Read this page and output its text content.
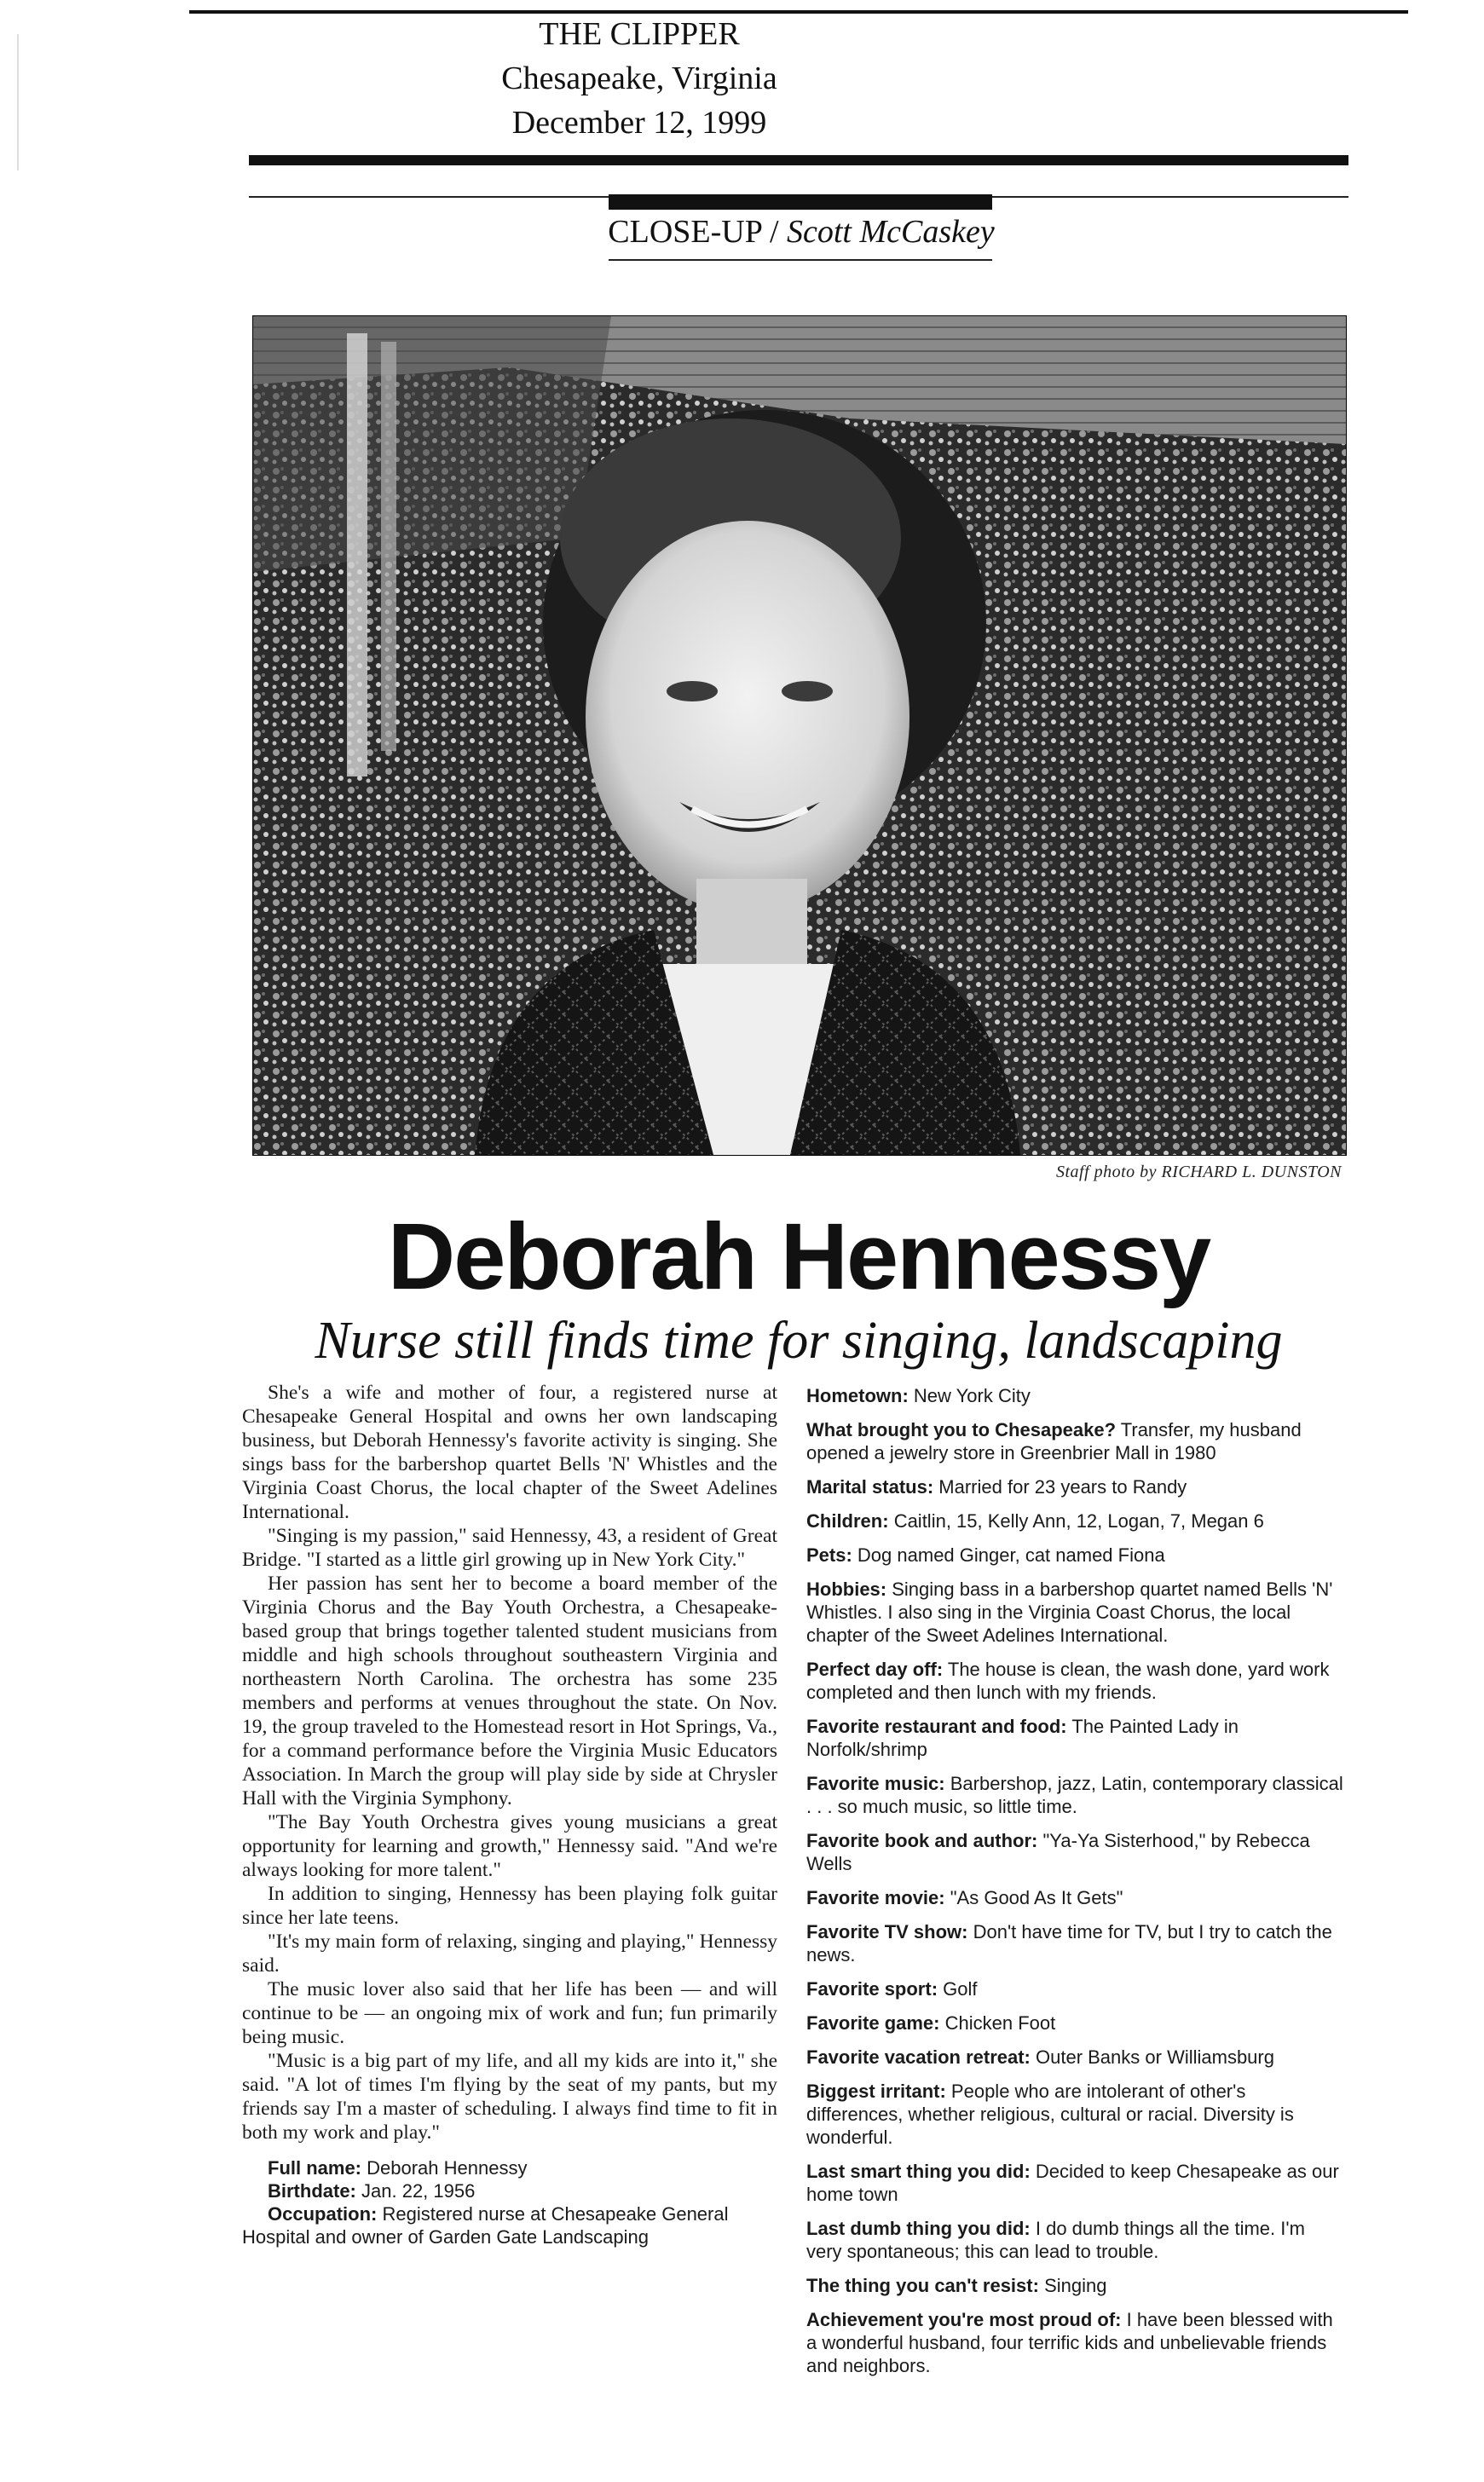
THE CLIPPER
Chesapeake, Virginia
December 12, 1999
CLOSE-UP / Scott McCaskey
Staff photo by RICHARD L. DUNSTON
Deborah Hennessy
Nurse still finds time for singing, landscaping

She's a wife and mother of four, a registered nurse at Chesapeake General Hospital and owns her own landscaping business, but Deborah Hennessy's favorite activity is singing. She sings bass for the barbershop quartet Bells 'N' Whistles and the Virginia Coast Chorus, the local chapter of the Sweet Adelines International.

"Singing is my passion," said Hennessy, 43, a resident of Great Bridge. "I started as a little girl growing up in New York City."

Her passion has sent her to become a board member of the Virginia Chorus and the Bay Youth Orchestra, a Chesapeake-based group that brings together talented student musicians from middle and high schools throughout southeastern Virginia and northeastern North Carolina. The orchestra has some 235 members and performs at venues throughout the state. On Nov. 19, the group traveled to the Homestead resort in Hot Springs, Va., for a command performance before the Virginia Music Educators Association. In March the group will play side by side at Chrysler Hall with the Virginia Symphony.

"The Bay Youth Orchestra gives young musicians a great opportunity for learning and growth," Hennessy said. "And we're always looking for more talent."

In addition to singing, Hennessy has been playing folk guitar since her late teens.

"It's my main form of relaxing, singing and playing," Hennessy said.

The music lover also said that her life has been — and will continue to be — an ongoing mix of work and fun; fun primarily being music.

"Music is a big part of my life, and all my kids are into it," she said. "A lot of times I'm flying by the seat of my pants, but my friends say I'm a master of scheduling. I always find time to fit in both my work and play."

Full name: Deborah Hennessy

Birthdate: Jan. 22, 1956

Occupation: Registered nurse at Chesapeake General Hospital and owner of Garden Gate Landscaping

Hometown: New York City

What brought you to Chesapeake? Transfer, my husband opened a jewelry store in Greenbrier Mall in 1980

Marital status: Married for 23 years to Randy

Children: Caitlin, 15, Kelly Ann, 12, Logan, 7, Megan 6

Pets: Dog named Ginger, cat named Fiona

Hobbies: Singing bass in a barbershop quartet named Bells 'N' Whistles. I also sing in the Virginia Coast Chorus, the local chapter of the Sweet Adelines International.

Perfect day off: The house is clean, the wash done, yard work completed and then lunch with my friends.

Favorite restaurant and food: The Painted Lady in Norfolk/shrimp

Favorite music: Barbershop, jazz, Latin, contemporary classical . . . so much music, so little time.

Favorite book and author: "Ya-Ya Sisterhood," by Rebecca Wells

Favorite movie: "As Good As It Gets"

Favorite TV show: Don't have time for TV, but I try to catch the news.

Favorite sport: Golf

Favorite game: Chicken Foot

Favorite vacation retreat: Outer Banks or Williamsburg

Biggest irritant: People who are intolerant of other's differences, whether religious, cultural or racial. Diversity is wonderful.

Last smart thing you did: Decided to keep Chesapeake as our home town

Last dumb thing you did: I do dumb things all the time. I'm very spontaneous; this can lead to trouble.

The thing you can't resist: Singing

Achievement you're most proud of: I have been blessed with a wonderful husband, four terrific kids and unbelievable friends and neighbors.
